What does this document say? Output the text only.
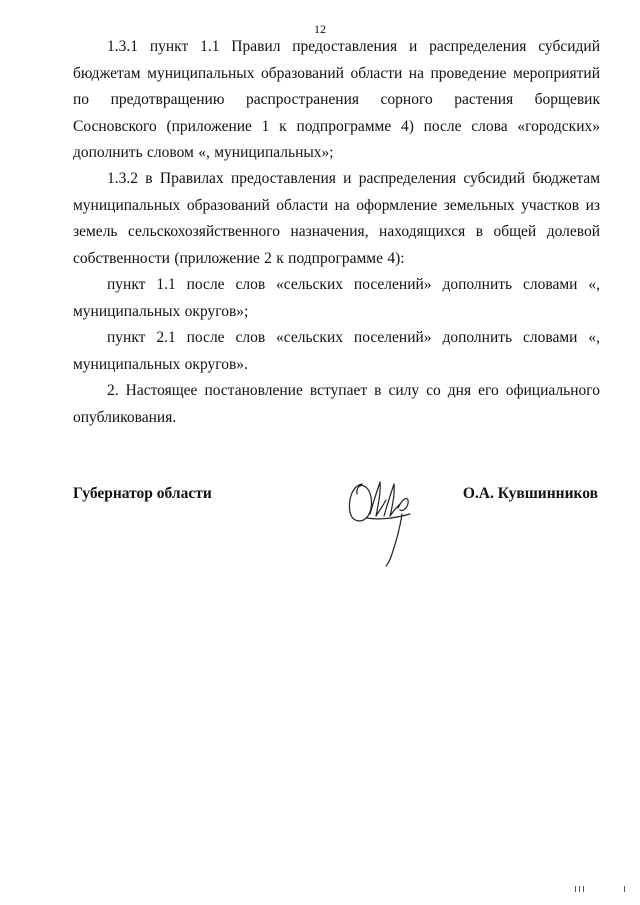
12

1.3.1 пункт 1.1 Правил предоставления и распределения субсидий бюджетам муниципальных образований области на проведение мероприятий по предотвращению распространения сорного растения борщевик Сосновского (приложение 1 к подпрограмме 4) после слова «городских» дополнить словом «, муниципальных»;

1.3.2 в Правилах предоставления и распределения субсидий бюджетам муниципальных образований области на оформление земельных участков из земель сельскохозяйственного назначения, находящихся в общей долевой собственности (приложение 2 к подпрограмме 4):

пункт 1.1 после слов «сельских поселений» дополнить словами «, муниципальных округов»;

пункт 2.1 после слов «сельских поселений» дополнить словами «, муниципальных округов».

2. Настоящее постановление вступает в силу со дня его официального опубликования.

Губернатор области	О.А. Кувшинников
